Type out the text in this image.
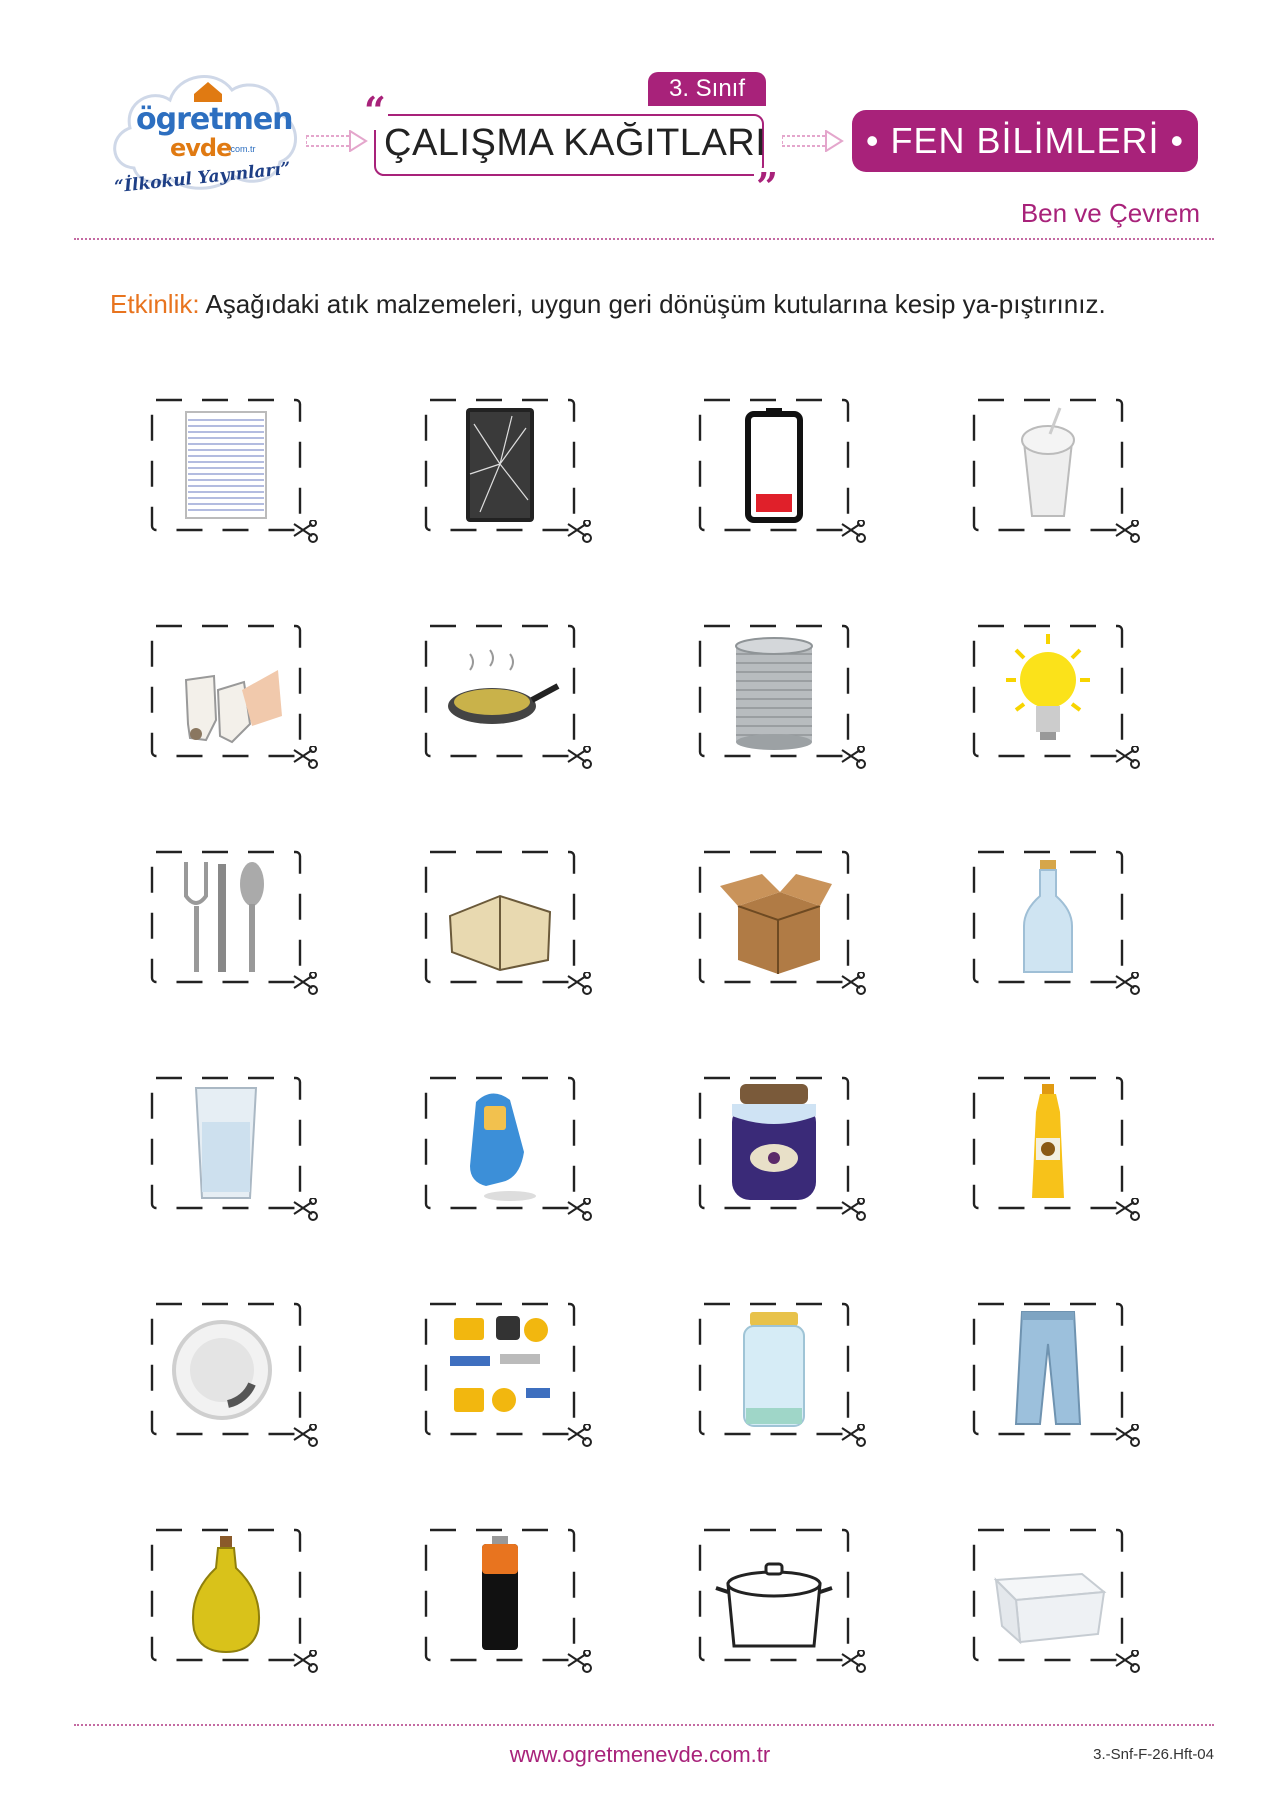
ögretmen
evde
.com.tr
“İlkokul Yayınları”
“
”
3. Sınıf
ÇALIŞMA KAĞITLARI	• FEN BİLİMLERİ •
Ben ve Çevrem
Etkinlik: Aşağıdaki atık malzemeleri, uygun geri dönüşüm kutularına kesip ya-pıştırınız.
www.ogretmenevde.com.tr	3.-Snf-F-26.Hft-04
